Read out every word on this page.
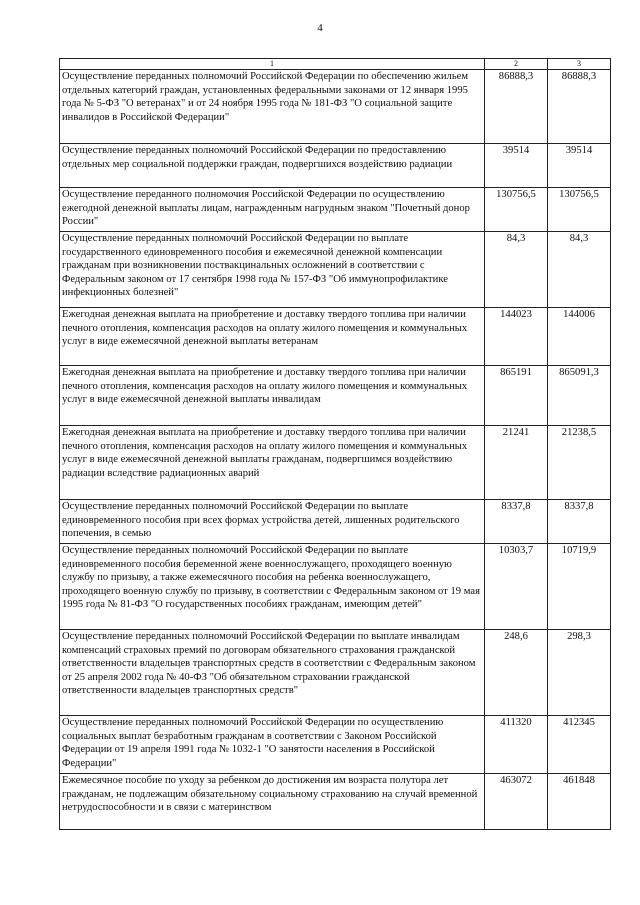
4
1	2	3
Осуществление переданных полномочий Российской Федерации по обеспечению жильем отдельных категорий граждан, установленных федеральными законами от 12 января 1995 года № 5-ФЗ "О ветеранах" и от 24 ноября 1995 года № 181-ФЗ "О социальной защите инвалидов в Российской Федерации"	86888,3	86888,3
Осуществление переданных полномочий Российской Федерации по предоставлению отдельных мер социальной поддержки граждан, подвергшихся воздействию радиации	39514	39514
Осуществление переданного полномочия Российской Федерации по осуществлению ежегодной денежной выплаты лицам, награжденным нагрудным знаком "Почетный донор России"	130756,5	130756,5
Осуществление переданных полномочий Российской Федерации по выплате государственного единовременного пособия и ежемесячной денежной компенсации гражданам при возникновении поствакцинальных осложнений в соответствии с Федеральным законом от 17 сентября 1998 года № 157-ФЗ "Об иммунопрофилактике инфекционных болезней"	84,3	84,3
Ежегодная денежная выплата на приобретение и доставку твердого топлива при наличии печного отопления, компенсация расходов на оплату жилого помещения и коммунальных услуг в виде ежемесячной денежной выплаты ветеранам	144023	144006
Ежегодная денежная выплата на приобретение и доставку твердого топлива при наличии печного отопления, компенсация расходов на оплату жилого помещения и коммунальных услуг в виде ежемесячной денежной выплаты инвалидам	865191	865091,3
Ежегодная денежная выплата на приобретение и доставку твердого топлива при наличии печного отопления, компенсация расходов на оплату жилого помещения и коммунальных услуг в виде ежемесячной денежной выплаты гражданам, подвергшимся воздействию радиации вследствие радиационных аварий	21241	21238,5
Осуществление переданных полномочий Российской Федерации по выплате единовременного пособия при всех формах устройства детей, лишенных родительского попечения, в семью	8337,8	8337,8
Осуществление переданных полномочий Российской Федерации по выплате единовременного пособия беременной жене военнослужащего, проходящего военную службу по призыву, а также ежемесячного пособия на ребенка военнослужащего, проходящего военную службу по призыву, в соответствии с Федеральным законом от 19 мая 1995 года № 81-ФЗ "О государственных пособиях гражданам, имеющим детей"	10303,7	10719,9
Осуществление переданных полномочий Российской Федерации по выплате инвалидам компенсаций страховых премий по договорам обязательного страхования гражданской ответственности владельцев транспортных средств в соответствии с Федеральным законом от 25 апреля 2002 года № 40-ФЗ "Об обязательном страховании гражданской ответственности владельцев транспортных средств"	248,6	298,3
Осуществление переданных полномочий Российской Федерации по осуществлению социальных выплат безработным гражданам в соответствии с Законом Российской Федерации от 19 апреля 1991 года № 1032-1 "О занятости населения в Российской Федерации"	411320	412345
Ежемесячное пособие по уходу за ребенком до достижения им возраста полутора лет гражданам, не подлежащим обязательному социальному страхованию на случай временной нетрудоспособности и в связи с материнством	463072	461848
